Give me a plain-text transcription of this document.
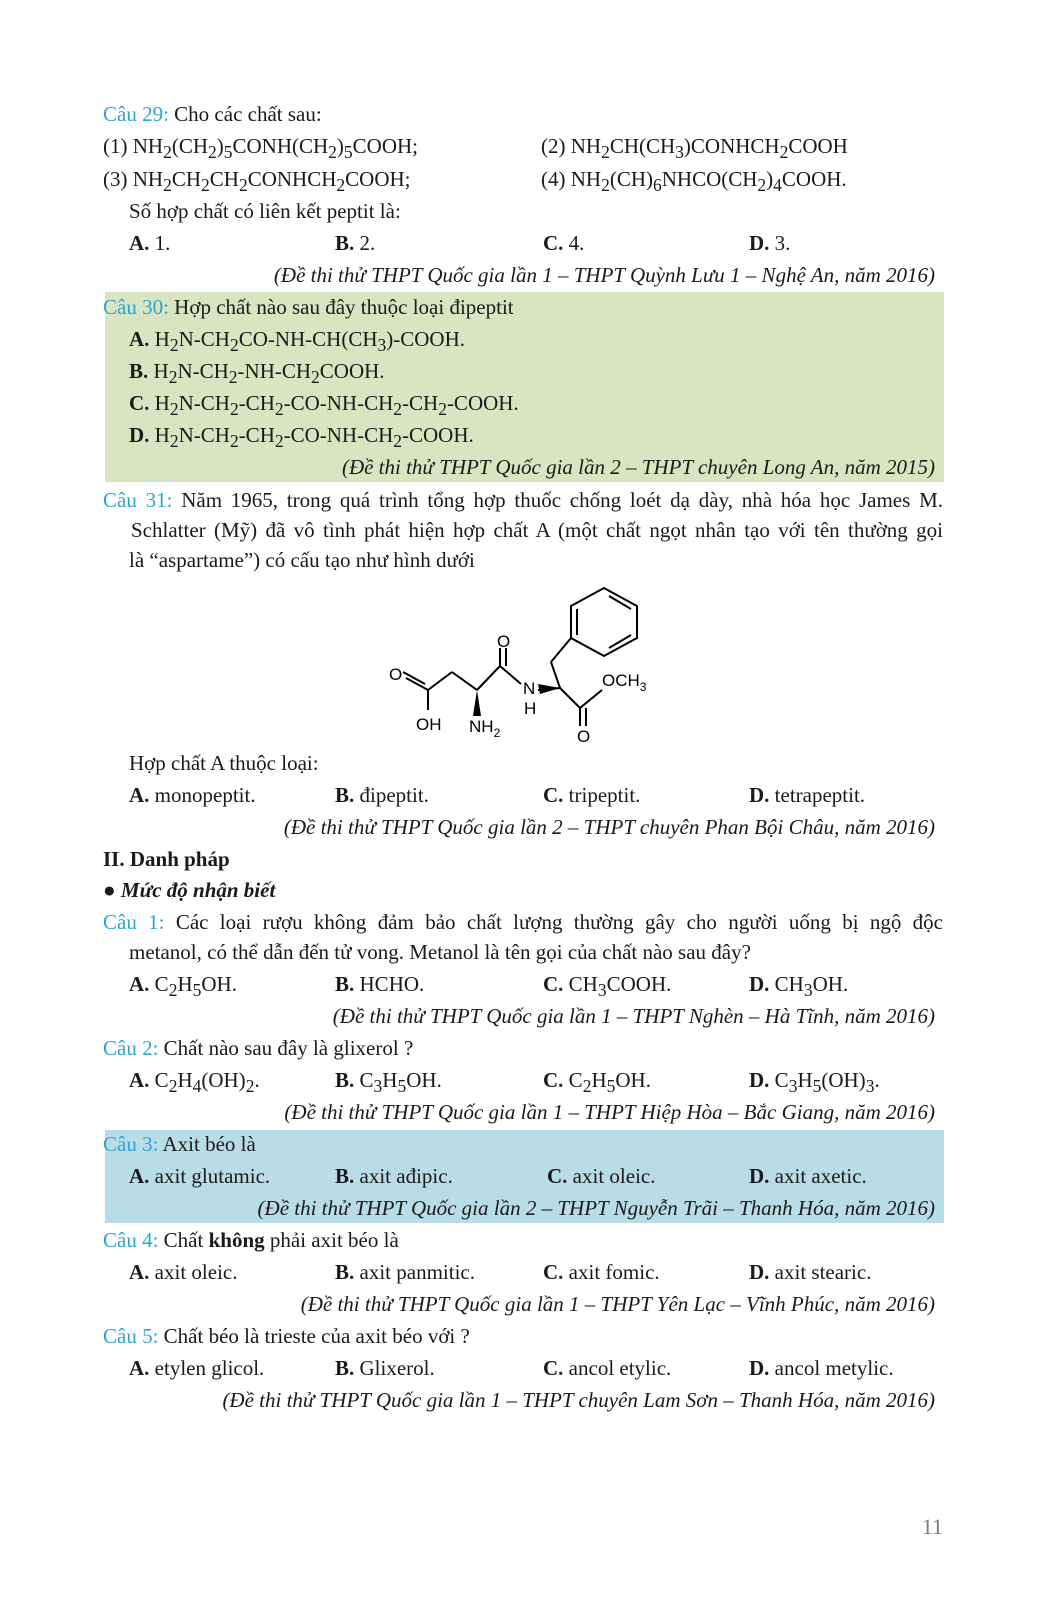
Câu 29: Cho các chất sau:
(1) $NH_2(CH_2)_5CONH(CH_2)_5COOH$;	(2) $NH_2CH(CH_3)CONHCH_2COOH$
(3) $NH_2CH_2CH_2CONHCH_2COOH$;	(4) $NH_2(CH)_6NHCO(CH_2)_4COOH$.
Số hợp chất có liên kết peptit là:
A. 1.	B. 2.	C. 4.	D. 3.
(Đề thi thử THPT Quốc gia lần 1 – THPT Quỳnh Lưu 1 – Nghệ An, năm 2016)
Câu 30: Hợp chất nào sau đây thuộc loại đipeptit
A. $H_2N-CH_2CO-NH-CH(CH_3)$-COOH.
B. $H_2N-CH_2-NH-CH_2COOH$.
C. $H_2N-CH_2-CH_2-CO-NH-CH_2-CH_2$-COOH.
D. $H_2N-CH_2-CH_2-CO-NH-CH_2$-COOH.
(Đề thi thử THPT Quốc gia lần 2 – THPT chuyên Long An, năm 2015)
Câu 31: Năm 1965, trong quá trình tổng hợp thuốc chống loét dạ dày, nhà hóa học James M.
Schlatter (Mỹ) đã vô tình phát hiện hợp chất A (một chất ngọt nhân tạo với tên thường gọi
là “aspartame”) có cấu tạo như hình dưới
O
O
O
$OCH_3$
OH $NH_2$
N
H
Hợp chất A thuộc loại:
A. monopeptit.	B. đipeptit.	C. tripeptit.	D. tetrapeptit.
(Đề thi thử THPT Quốc gia lần 2 – THPT chuyên Phan Bội Châu, năm 2016)
II. Danh pháp
● Mức độ nhận biết
Câu 1: Các loại rượu không đảm bảo chất lượng thường gây cho người uống bị ngộ độc
metanol, có thể dẫn đến tử vong. Metanol là tên gọi của chất nào sau đây?
A. $C_2H_5OH$.	B. HCHO.	C. $CH_3COOH$.	D. $CH_3OH$.
(Đề thi thử THPT Quốc gia lần 1 – THPT Nghèn – Hà Tĩnh, năm 2016)
Câu 2: Chất nào sau đây là glixerol ?
A. $C_2H_4(OH)_2$.	B. $C_3H_5OH$.	C. $C_2H_5OH$.	D. $C_3H_5(OH)_3$.
(Đề thi thử THPT Quốc gia lần 1 – THPT Hiệp Hòa – Bắc Giang, năm 2016)
Câu 3: Axit béo là
A. axit glutamic.	B. axit ađipic.	C. axit oleic.	D. axit axetic.
(Đề thi thử THPT Quốc gia lần 2 – THPT Nguyễn Trãi – Thanh Hóa, năm 2016)
Câu 4: Chất không phải axit béo là
A. axit oleic.	B. axit panmitic.	C. axit fomic.	D. axit stearic.
(Đề thi thử THPT Quốc gia lần 1 – THPT Yên Lạc – Vĩnh Phúc, năm 2016)
Câu 5: Chất béo là trieste của axit béo với ?
A. etylen glicol.	B. Glixerol.	C. ancol etylic.	D. ancol metylic.
(Đề thi thử THPT Quốc gia lần 1 – THPT chuyên Lam Sơn – Thanh Hóa, năm 2016)
11
